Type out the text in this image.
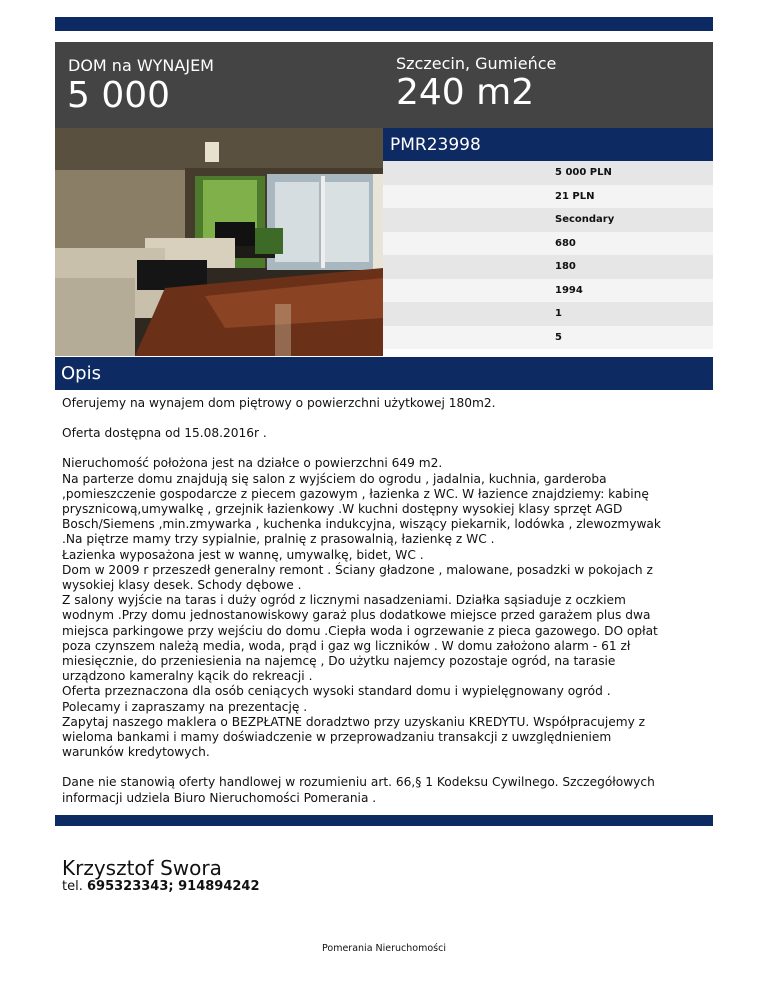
DOM na WYNAJEM
5 000
Szczecin, Gumieńce
240 m2
PMR23998
5 000 PLN
21 PLN
Secondary
680
180
1994
1
5
Opis

Oferujemy na wynajem dom piętrowy o powierzchni użytkowej 180m2.

Oferta dostępna od 15.08.2016r .

Nieruchomość położona jest na działce o powierzchni 649 m2.
Na parterze domu znajdują się salon z wyjściem do ogrodu , jadalnia, kuchnia, garderoba
,pomieszczenie gospodarcze z piecem gazowym , łazienka z WC. W łazience znajdziemy: kabinę
prysznicową,umywalkę , grzejnik łazienkowy .W kuchni dostępny wysokiej klasy sprzęt AGD
Bosch/Siemens ,min.zmywarka , kuchenka indukcyjna, wiszący piekarnik, lodówka , zlewozmywak
.Na piętrze mamy trzy sypialnie, pralnię z prasowalnią, łazienkę z WC .
Łazienka wyposażona jest w wannę, umywalkę, bidet, WC .
Dom w 2009 r przeszedł generalny remont . Ściany gładzone , malowane, posadzki w pokojach z
wysokiej klasy desek. Schody dębowe .
Z salony wyjście na taras i duży ogród z licznymi nasadzeniami. Działka sąsiaduje z oczkiem
wodnym .Przy domu jednostanowiskowy garaż plus dodatkowe miejsce przed garażem plus dwa
miejsca parkingowe przy wejściu do domu .Ciepła woda i ogrzewanie z pieca gazowego. DO opłat
poza czynszem należą media, woda, prąd i gaz wg liczników . W domu założono alarm - 61 zł
miesięcznie, do przeniesienia na najemcę , Do użytku najemcy pozostaje ogród, na tarasie
urządzono kameralny kącik do rekreacji .
Oferta przeznaczona dla osób ceniących wysoki standard domu i wypielęgnowany ogród .
Polecamy i zapraszamy na prezentację .
Zapytaj naszego maklera o BEZPŁATNE doradztwo przy uzyskaniu KREDYTU. Współpracujemy z
wieloma bankami i mamy doświadczenie w przeprowadzaniu transakcji z uwzględnieniem
warunków kredytowych.

Dane nie stanowią oferty handlowej w rozumieniu art. 66,§ 1 Kodeksu Cywilnego. Szczegółowych
informacji udziela Biuro Nieruchomości Pomerania .

Krzysztof Swora
tel. 695323343; 914894242
Pomerania Nieruchomości
